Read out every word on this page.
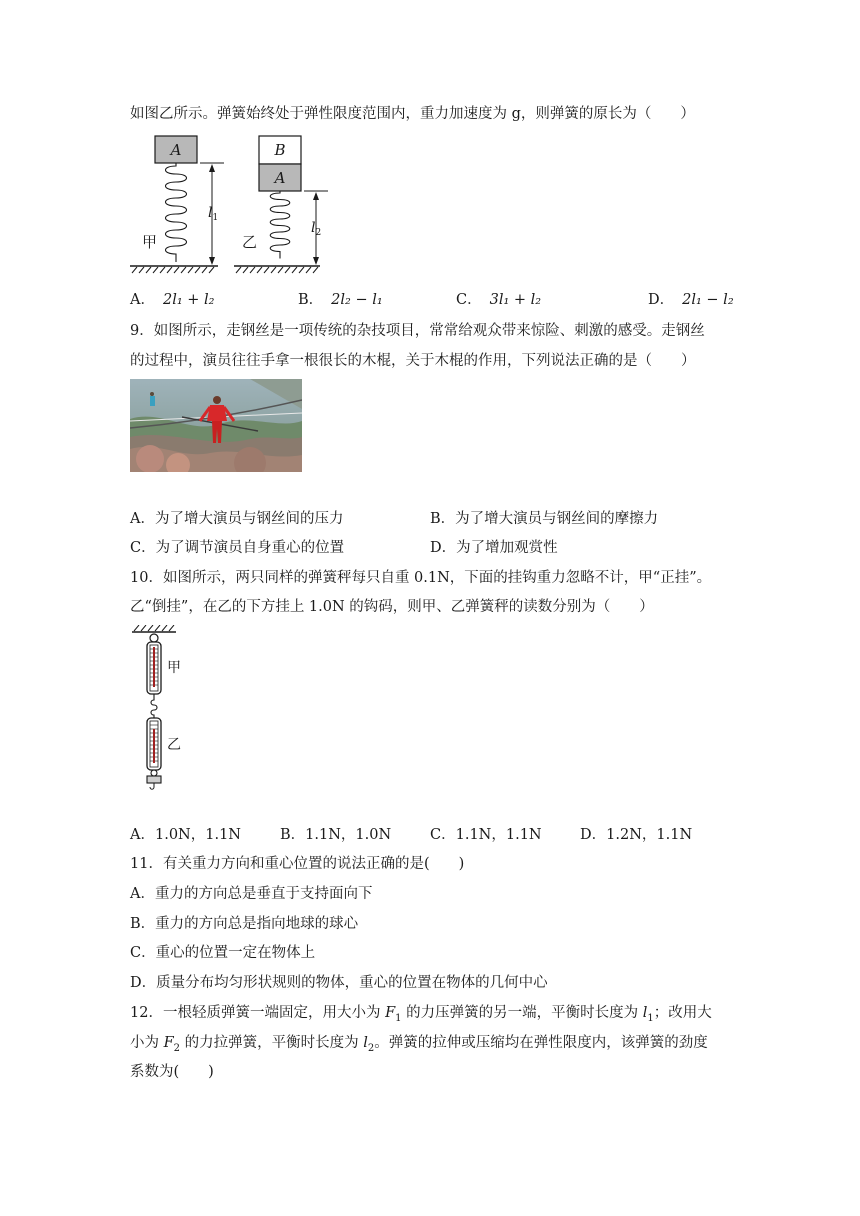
如图乙所示。弹簧始终处于弹性限度范围内，重力加速度为 g，则弹簧的原长为（　　）
A
甲
$l_1$
B
A
乙
$l_2$
A． 2l₁ + l₂	B． 2l₂ − l₁	C． 3l₁ + l₂	D． 2l₁ − l₂
9．如图所示，走钢丝是一项传统的杂技项目，常常给观众带来惊险、刺激的感受。走钢丝
的过程中，演员往往手拿一根很长的木棍，关于木棍的作用，下列说法正确的是（　　）
A．为了增大演员与钢丝间的压力	B．为了增大演员与钢丝间的摩擦力
C．为了调节演员自身重心的位置	D．为了增加观赏性
10．如图所示，两只同样的弹簧秤每只自重 0.1N，下面的挂钩重力忽略不计，甲“正挂”。
乙“倒挂”，在乙的下方挂上 1.0N 的钩码，则甲、乙弹簧秤的读数分别为（　　）
甲
乙
A．1.0N，1.1N	B．1.1N，1.0N	C．1.1N，1.1N	D．1.2N，1.1N
11．有关重力方向和重心位置的说法正确的是(　　)
A．重力的方向总是垂直于支持面向下
B．重力的方向总是指向地球的球心
C．重心的位置一定在物体上
D．质量分布均匀形状规则的物体，重心的位置在物体的几何中心
12．一根轻质弹簧一端固定，用大小为 $F_1$ 的力压弹簧的另一端，平衡时长度为 $l_1$；改用大
小为 $F_2$ 的力拉弹簧，平衡时长度为 $l_2$。弹簧的拉伸或压缩均在弹性限度内，该弹簧的劲度
系数为(　　)
